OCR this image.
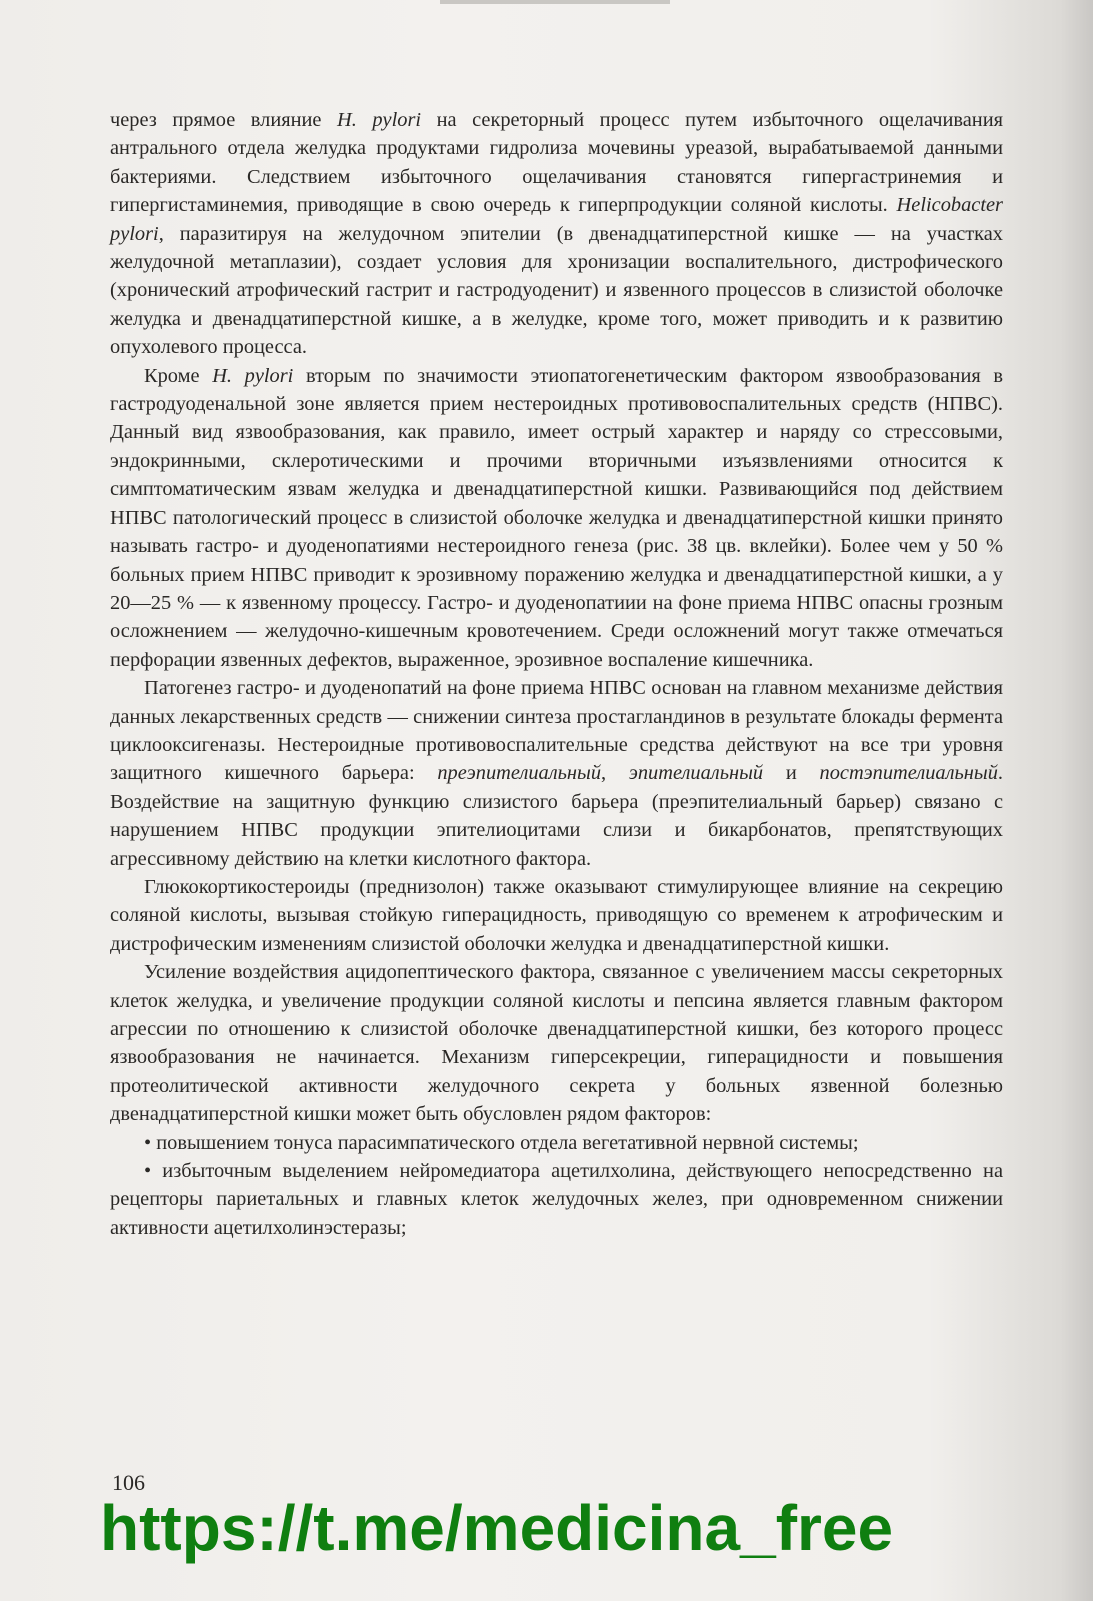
через прямое влияние H. pylori на секреторный процесс путем избыточного ощелачивания антрального отдела желудка продуктами гидролиза мочевины уреазой, вырабатываемой данными бактериями. Следствием избыточного ощелачивания становятся гипергастринемия и гипергистаминемия, приводящие в свою очередь к гиперпродукции соляной кислоты. Helicobacter pylori, паразитируя на желудочном эпителии (в двенадцатиперстной кишке — на участках желудочной метаплазии), создает условия для хронизации воспалительного, дистрофического (хронический атрофический гастрит и гастродуоденит) и язвенного процессов в слизистой оболочке желудка и двенадцатиперстной кишке, а в желудке, кроме того, может приводить и к развитию опухолевого процесса.

Кроме H. pylori вторым по значимости этиопатогенетическим фактором язвообразования в гастродуоденальной зоне является прием нестероидных противовоспалительных средств (НПВС). Данный вид язвообразования, как правило, имеет острый характер и наряду со стрессовыми, эндокринными, склеротическими и прочими вторичными изъязвлениями относится к симптоматическим язвам желудка и двенадцатиперстной кишки. Развивающийся под действием НПВС патологический процесс в слизистой оболочке желудка и двенадцатиперстной кишки принято называть гастро- и дуоденопатиями нестероидного генеза (рис. 38 цв. вклейки). Более чем у 50 % больных прием НПВС приводит к эрозивному поражению желудка и двенадцатиперстной кишки, а у 20—25 % — к язвенному процессу. Гастро- и дуоденопатиии на фоне приема НПВС опасны грозным осложнением — желудочно-кишечным кровотечением. Среди осложнений могут также отмечаться перфорации язвенных дефектов, выраженное, эрозивное воспаление кишечника.

Патогенез гастро- и дуоденопатий на фоне приема НПВС основан на главном механизме действия данных лекарственных средств — снижении синтеза простагландинов в результате блокады фермента циклооксигеназы. Нестероидные противовоспалительные средства действуют на все три уровня защитного кишечного барьера: преэпителиальный, эпителиальный и постэпителиальный. Воздействие на защитную функцию слизистого барьера (преэпителиальный барьер) связано с нарушением НПВС продукции эпителиоцитами слизи и бикарбонатов, препятствующих агрессивному действию на клетки кислотного фактора.

Глюкокортикостероиды (преднизолон) также оказывают стимулирующее влияние на секрецию соляной кислоты, вызывая стойкую гиперацидность, приводящую со временем к атрофическим и дистрофическим изменениям слизистой оболочки желудка и двенадцатиперстной кишки.

Усиление воздействия ацидопептического фактора, связанное с увеличением массы секреторных клеток желудка, и увеличение продукции соляной кислоты и пепсина является главным фактором агрессии по отношению к слизистой оболочке двенадцатиперстной кишки, без которого процесс язвообразования не начинается. Механизм гиперсекреции, гиперацидности и повышения протеолитической активности желудочного секрета у больных язвенной болезнью двенадцатиперстной кишки может быть обусловлен рядом факторов:

• повышением тонуса парасимпатического отдела вегетативной нервной системы;

• избыточным выделением нейромедиатора ацетилхолина, действующего непосредственно на рецепторы париетальных и главных клеток желудочных желез, при одновременном снижении активности ацетилхолинэстеразы;

106
https://t.me/medicina_free
